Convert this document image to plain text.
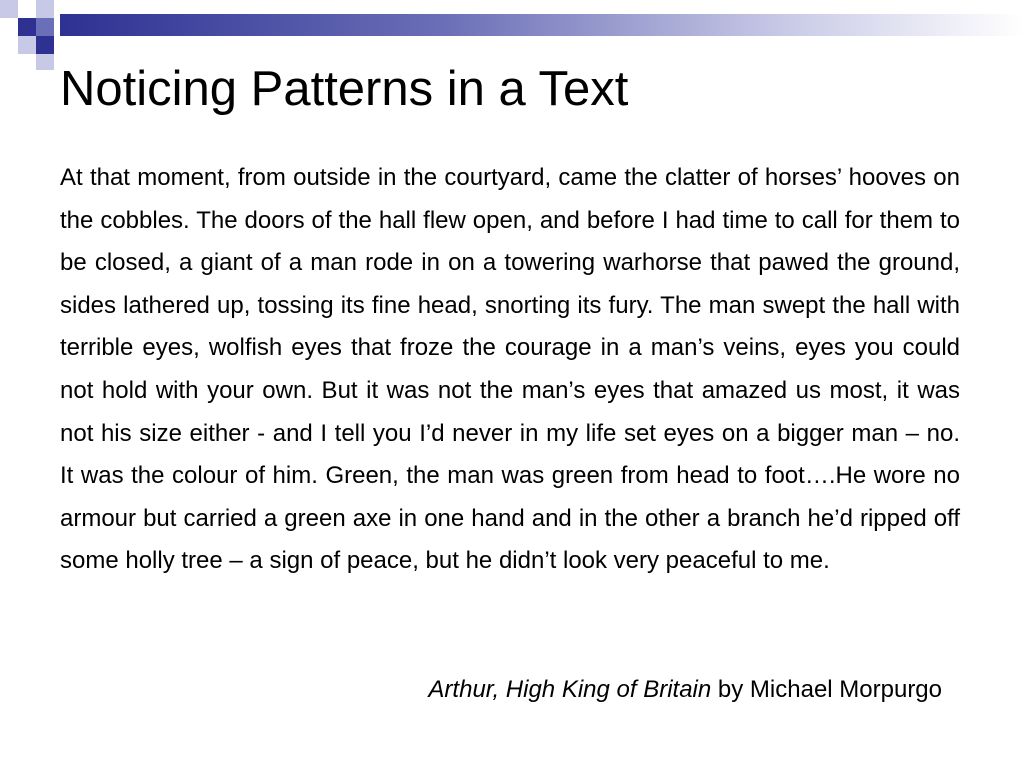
Noticing Patterns in a Text

At that moment, from outside in the courtyard, came the clatter of horses’ hooves on the cobbles. The doors of the hall flew open, and before I had time to call for them to be closed, a giant of a man rode in on a towering warhorse that pawed the ground, sides lathered up, tossing its fine head, snorting its fury. The man swept the hall with terrible eyes, wolfish eyes that froze the courage in a man’s veins, eyes you could not hold with your own. But it was not the man’s eyes that amazed us most, it was not his size either - and I tell you I’d never in my life set eyes on a bigger man – no. It was the colour of him. Green, the man was green from head to foot….He wore no armour but carried a green axe in one hand and in the other a branch he’d ripped off some holly tree – a sign of peace, but he didn’t look very peaceful to me.

Arthur, High King of Britain by Michael Morpurgo
